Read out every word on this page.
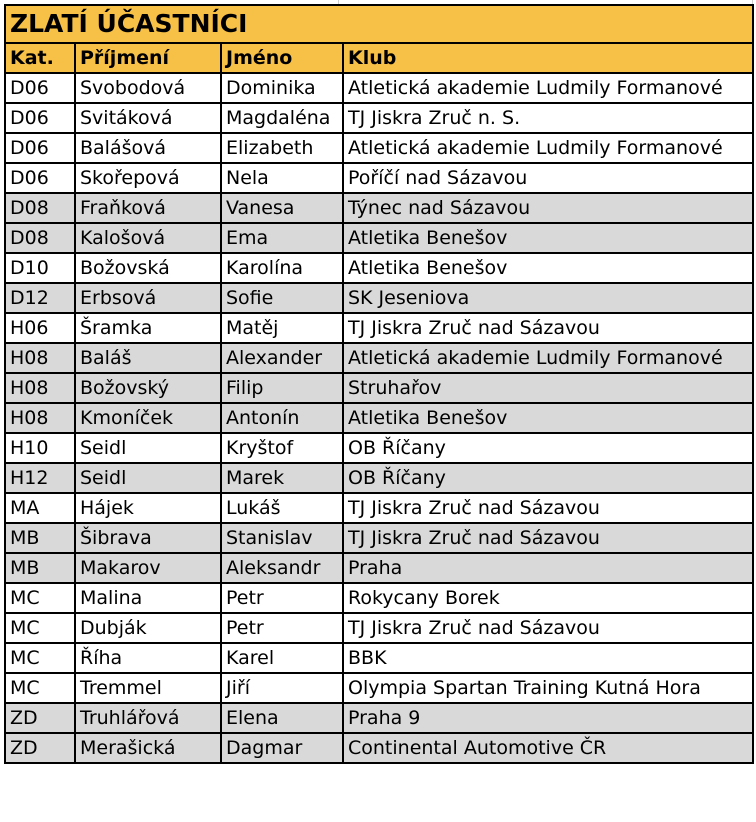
ZLATÍ ÚČASTNÍCI			
Kat.	Příjmení	Jméno	Klub
D06	Svobodová	Dominika	Atletická akademie Ludmily Formanové
D06	Svitáková	Magdaléna	TJ Jiskra Zruč n. S.
D06	Balášová	Elizabeth	Atletická akademie Ludmily Formanové
D06	Skořepová	Nela	Poříčí nad Sázavou
D08	Fraňková	Vanesa	Týnec nad Sázavou
D08	Kalošová	Ema	Atletika Benešov
D10	Božovská	Karolína	Atletika Benešov
D12	Erbsová	Sofie	SK Jeseniova
H06	Šramka	Matěj	TJ Jiskra Zruč nad Sázavou
H08	Baláš	Alexander	Atletická akademie Ludmily Formanové
H08	Božovský	Filip	Struhařov
H08	Kmoníček	Antonín	Atletika Benešov
H10	Seidl	Kryštof	OB Říčany
H12	Seidl	Marek	OB Říčany
MA	Hájek	Lukáš	TJ Jiskra Zruč nad Sázavou
MB	Šibrava	Stanislav	TJ Jiskra Zruč nad Sázavou
MB	Makarov	Aleksandr	Praha
MC	Malina	Petr	Rokycany Borek
MC	Dubják	Petr	TJ Jiskra Zruč nad Sázavou
MC	Říha	Karel	BBK
MC	Tremmel	Jiří	Olympia Spartan Training Kutná Hora
ZD	Truhlářová	Elena	Praha 9
ZD	Merašická	Dagmar	Continental Automotive ČR
